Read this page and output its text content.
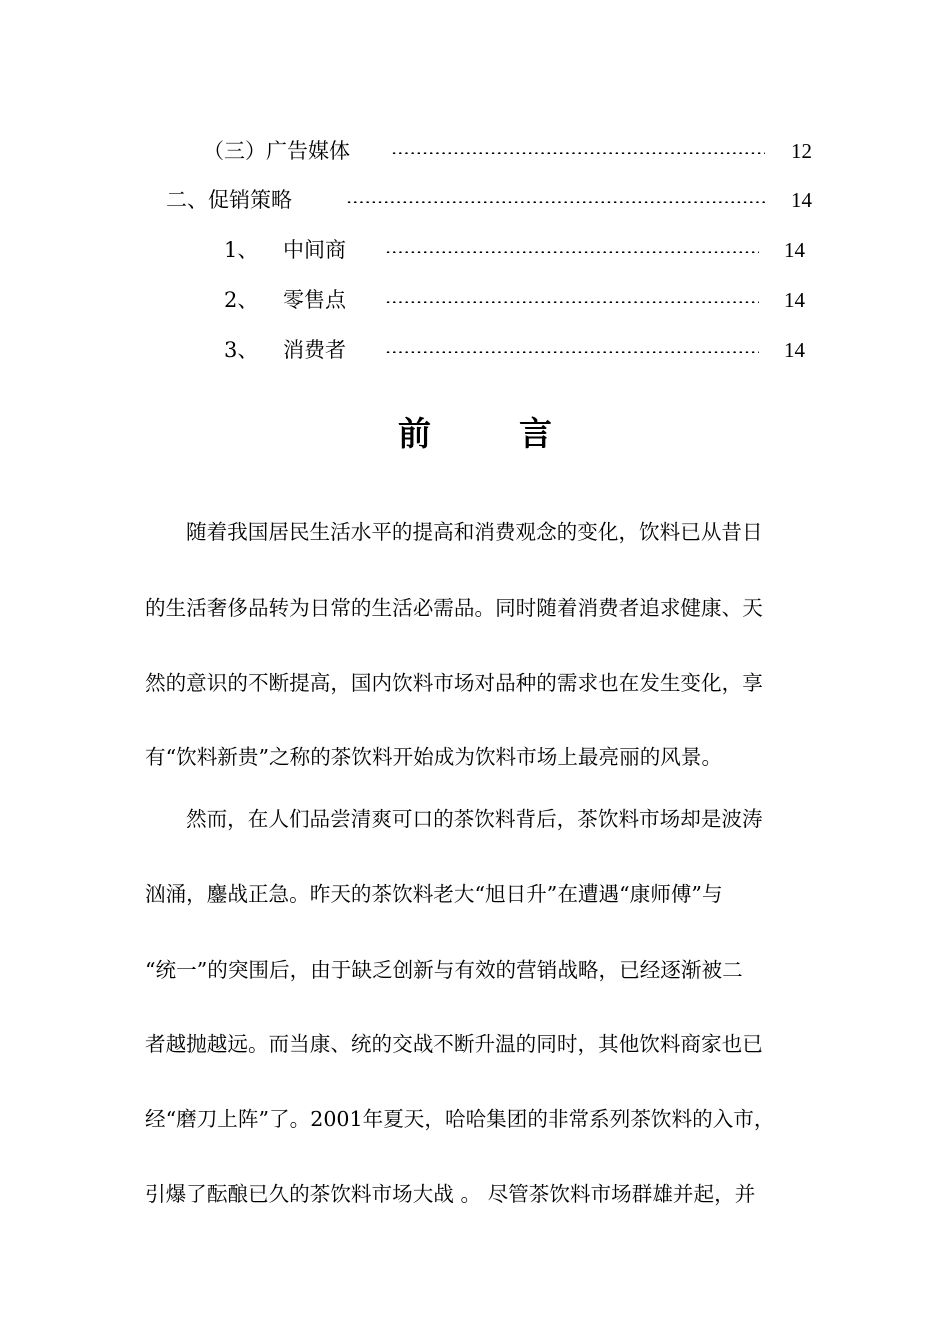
（三）广告媒体	12
二、促销策略	14
1、 中间商	14
2、 零售点	14
3、 消费者	14
前言
随着我国居民生活水平的提高和消费观念的变化，饮料已从昔日
的生活奢侈品转为日常的生活必需品。同时随着消费者追求健康、天
然的意识的不断提高，国内饮料市场对品种的需求也在发生变化，享
有“饮料新贵”之称的茶饮料开始成为饮料市场上最亮丽的风景。
然而，在人们品尝清爽可口的茶饮料背后，茶饮料市场却是波涛
汹涌，鏖战正急。昨天的茶饮料老大“旭日升”在遭遇“康师傅”与
“统一”的突围后，由于缺乏创新与有效的营销战略，已经逐渐被二
者越抛越远。而当康、统的交战不断升温的同时，其他饮料商家也已
经“磨刀上阵”了。2001年夏天，哈哈集团的非常系列茶饮料的入市，
引爆了酝酿已久的茶饮料市场大战 。 尽管茶饮料市场群雄并起，并
